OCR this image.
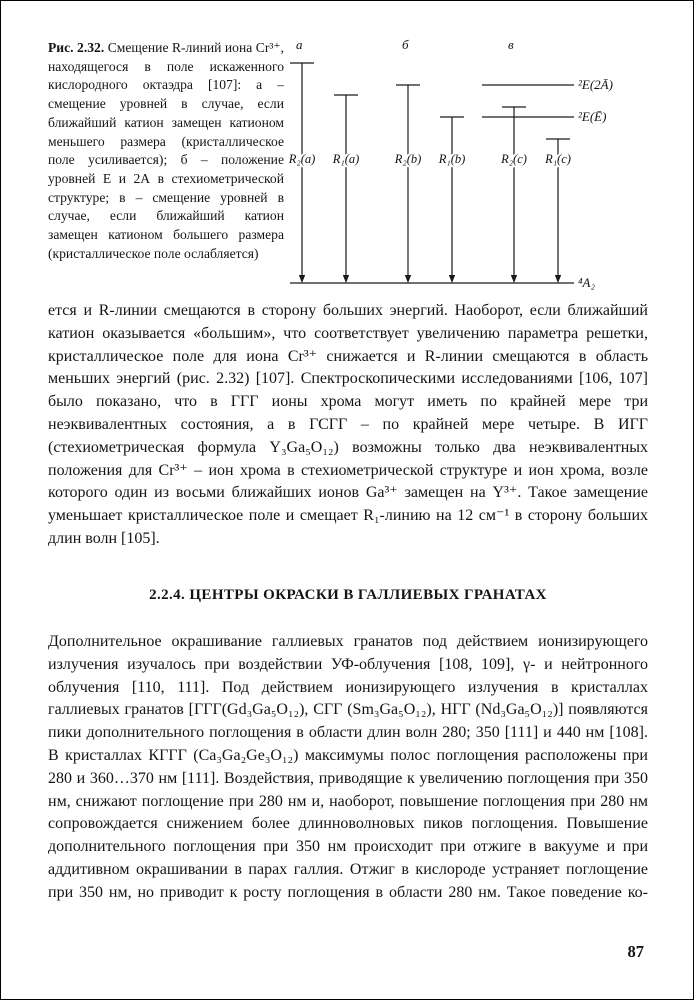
Рис. 2.32. Смещение R-линий иона Cr³⁺, находящегося в поле искаженного кислородного октаэдра [107]: а – смещение уровней в случае, если ближайший катион замещен катионом меньшего размера (кристаллическое поле усиливается); б – положение уровней Е и 2А в стехиометрической структуре; в – смещение уровней в случае, если ближайший катион замещен катионом большего размера (кристаллическое поле ослабляется)

а	б	в
R₂(a) R₁(a)	R₂(b) R₁(b)	R₂(c) R₁(c)
²E(2Ā)
²E(Ē)
⁴A₂

ется и R-линии смещаются в сторону больших энергий. Наоборот, если ближайший катион оказывается «большим», что соответствует увеличению параметра решетки, кристаллическое поле для иона Cr³⁺ снижается и R-линии смещаются в область меньших энергий (рис. 2.32) [107]. Спектроскопическими исследованиями [106, 107] было показано, что в ГГГ ионы хрома могут иметь по крайней мере три неэквивалентных состояния, а в ГСГГ – по крайней мере четыре. В ИГГ (стехиометрическая формула Y₃Ga₅O₁₂) возможны только два неэквивалентных положения для Cr³⁺ – ион хрома в стехиометрической структуре и ион хрома, возле которого один из восьми ближайших ионов Ga³⁺ замещен на Y³⁺. Такое замещение уменьшает кристаллическое поле и смещает R₁-линию на 12 см⁻¹ в сторону больших длин волн [105].

2.2.4. ЦЕНТРЫ ОКРАСКИ В ГАЛЛИЕВЫХ ГРАНАТАХ

Дополнительное окрашивание галлиевых гранатов под действием ионизирующего излучения изучалось при воздействии УФ-облучения [108, 109], γ- и нейтронного облучения [110, 111]. Под действием ионизирующего излучения в кристаллах галлиевых гранатов [ГГГ(Gd₃Ga₅O₁₂), СГГ (Sm₃Ga₅O₁₂), НГГ (Nd₃Ga₅O₁₂)] появляются пики дополнительного поглощения в области длин волн 280; 350 [111] и 440 нм [108]. В кристаллах КГГГ (Ca₃Ga₂Ge₃O₁₂) максимумы полос поглощения расположены при 280 и 360…370 нм [111]. Воздействия, приводящие к увеличению поглощения при 350 нм, снижают поглощение при 280 нм и, наоборот, повышение поглощения при 280 нм сопровождается снижением более длинноволновых пиков поглощения. Повышение дополнительного поглощения при 350 нм происходит при отжиге в вакууме и при аддитивном окрашивании в парах галлия. Отжиг в кислороде устраняет поглощение при 350 нм, но приводит к росту поглощения в области 280 нм. Такое поведение ко-

87
